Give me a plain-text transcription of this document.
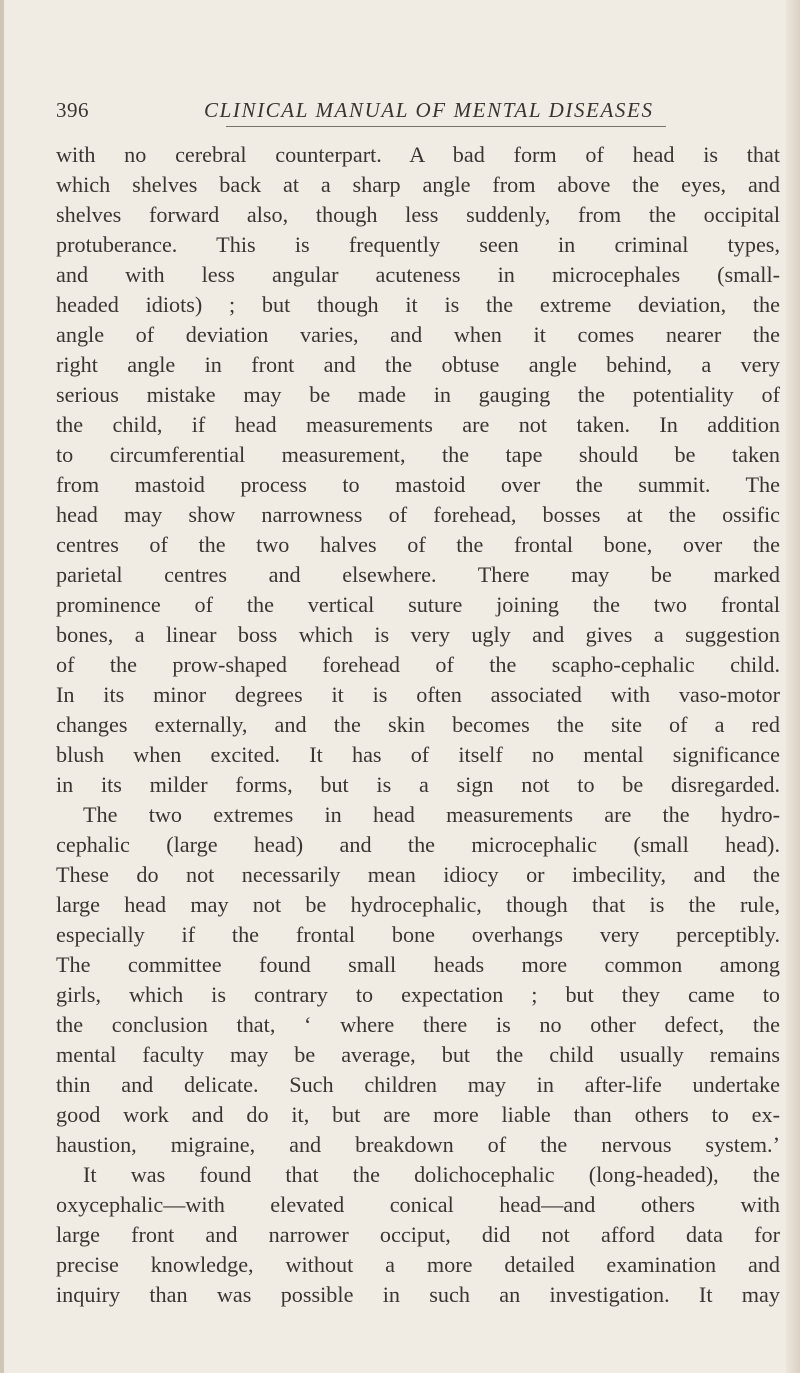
396	CLINICAL MANUAL OF MENTAL DISEASES
with no cerebral counterpart. A bad form of head is that
which shelves back at a sharp angle from above the eyes, and
shelves forward also, though less suddenly, from the occipital
protuberance. This is frequently seen in criminal types,
and with less angular acuteness in microcephales (small-
headed idiots) ; but though it is the extreme deviation, the
angle of deviation varies, and when it comes nearer the
right angle in front and the obtuse angle behind, a very
serious mistake may be made in gauging the potentiality of
the child, if head measurements are not taken. In addition
to circumferential measurement, the tape should be taken
from mastoid process to mastoid over the summit. The
head may show narrowness of forehead, bosses at the ossific
centres of the two halves of the frontal bone, over the
parietal centres and elsewhere. There may be marked
prominence of the vertical suture joining the two frontal
bones, a linear boss which is very ugly and gives a suggestion
of the prow-shaped forehead of the scapho-cephalic child.
In its minor degrees it is often associated with vaso-motor
changes externally, and the skin becomes the site of a red
blush when excited. It has of itself no mental significance
in its milder forms, but is a sign not to be disregarded.
The two extremes in head measurements are the hydro-
cephalic (large head) and the microcephalic (small head).
These do not necessarily mean idiocy or imbecility, and the
large head may not be hydrocephalic, though that is the rule,
especially if the frontal bone overhangs very perceptibly.
The committee found small heads more common among
girls, which is contrary to expectation ; but they came to
the conclusion that, ‘ where there is no other defect, the
mental faculty may be average, but the child usually remains
thin and delicate. Such children may in after-life undertake
good work and do it, but are more liable than others to ex-
haustion, migraine, and breakdown of the nervous system.’
It was found that the dolichocephalic (long-headed), the
oxycephalic—with elevated conical head—and others with
large front and narrower occiput, did not afford data for
precise knowledge, without a more detailed examination and
inquiry than was possible in such an investigation. It may
